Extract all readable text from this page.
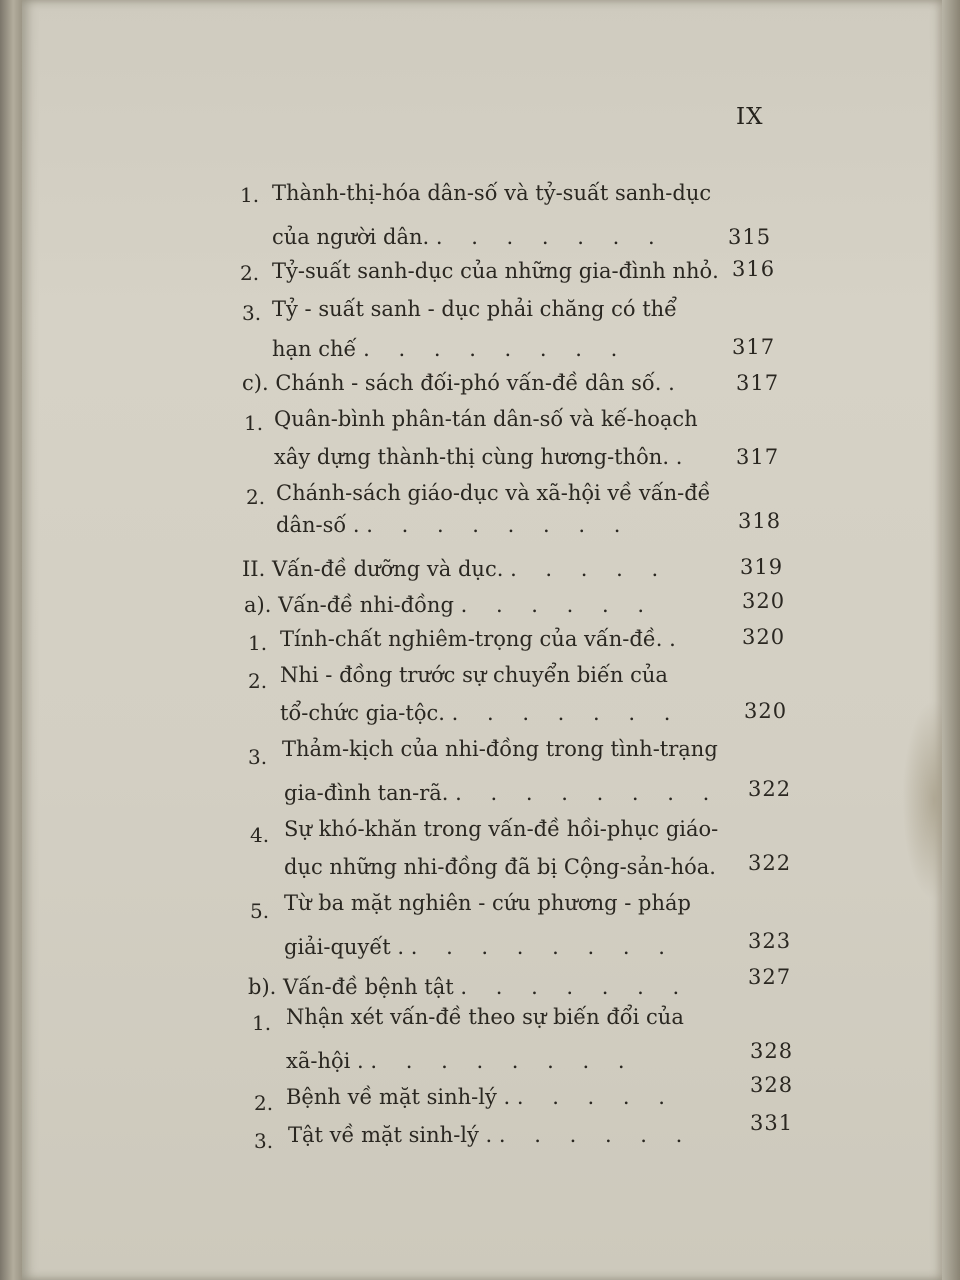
IX
1. Thành-thị-hóa dân-số và tỷ-suất sanh-dục
của người dân. . . . . . . .	315
2. Tỷ-suất sanh-dục của những gia-đình nhỏ. 316
3. Tỷ - suất sanh - dục phải chăng có thể
hạn chế . . . . . . . .	317
c). Chánh - sách đối-phó vấn-đề dân số. . 317
1. Quân-bình phân-tán dân-số và kế-hoạch
xây dựng thành-thị cùng hương-thôn. . 317
2. Chánh-sách giáo-dục và xã-hội về vấn-đề
dân-số . . . . . . . . .	318
II. Vấn-đề dưỡng và dục. . . . . .	319
a). Vấn-đề nhi-đồng . . . . . .	320
1. Tính-chất nghiêm-trọng của vấn-đề. .	320
2. Nhi - đồng trước sự chuyển biến của
tổ-chức gia-tộc. . . . . . . .	320
3. Thảm-kịch của nhi-đồng trong tình-trạng
gia-đình tan-rã. . . . . . . . . 322
4. Sự khó-khăn trong vấn-đề hồi-phục giáo-
dục những nhi-đồng đã bị Cộng-sản-hóa. 322
5. Từ ba mặt nghiên - cứu phương - pháp
giải-quyết . . . . . . . . .	323
b). Vấn-đề bệnh tật . . . . . . .	327
1. Nhận xét vấn-đề theo sự biến đổi của
xã-hội . . . . . . . . .	328
2. Bệnh về mặt sinh-lý . . . . . .	328
3. Tật về mặt sinh-lý . . . . . . .	331
